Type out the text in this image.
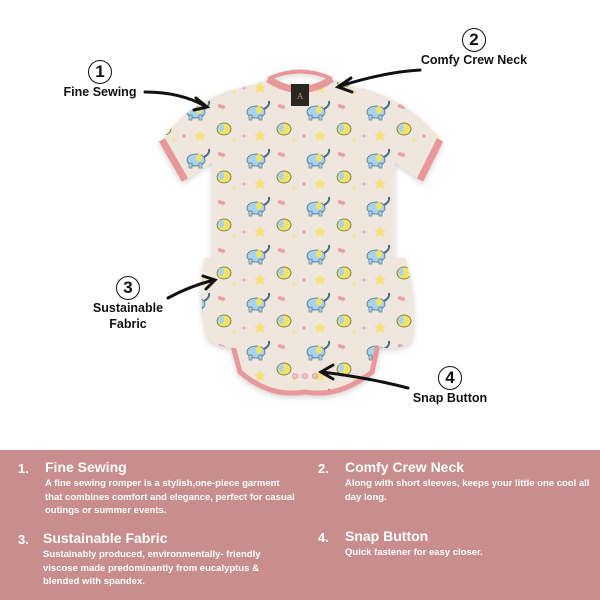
A
1
Fine Sewing
2
Comfy Crew Neck
3
Sustainable
Fabric
4
Snap Button
1. Fine Sewing
A fine sewing romper is a stylish,one-piece garment that combines comfort and elegance, perfect for casual outings or summer events.
2. Comfy Crew Neck
Along with short sleeves, keeps your little one cool all day long.
3. Sustainable Fabric
Sustainably produced, environmentally- friendly viscose made predominantly from eucalyptus & blended with spandex.
4. Snap Button
Quick fastener for easy closer.
